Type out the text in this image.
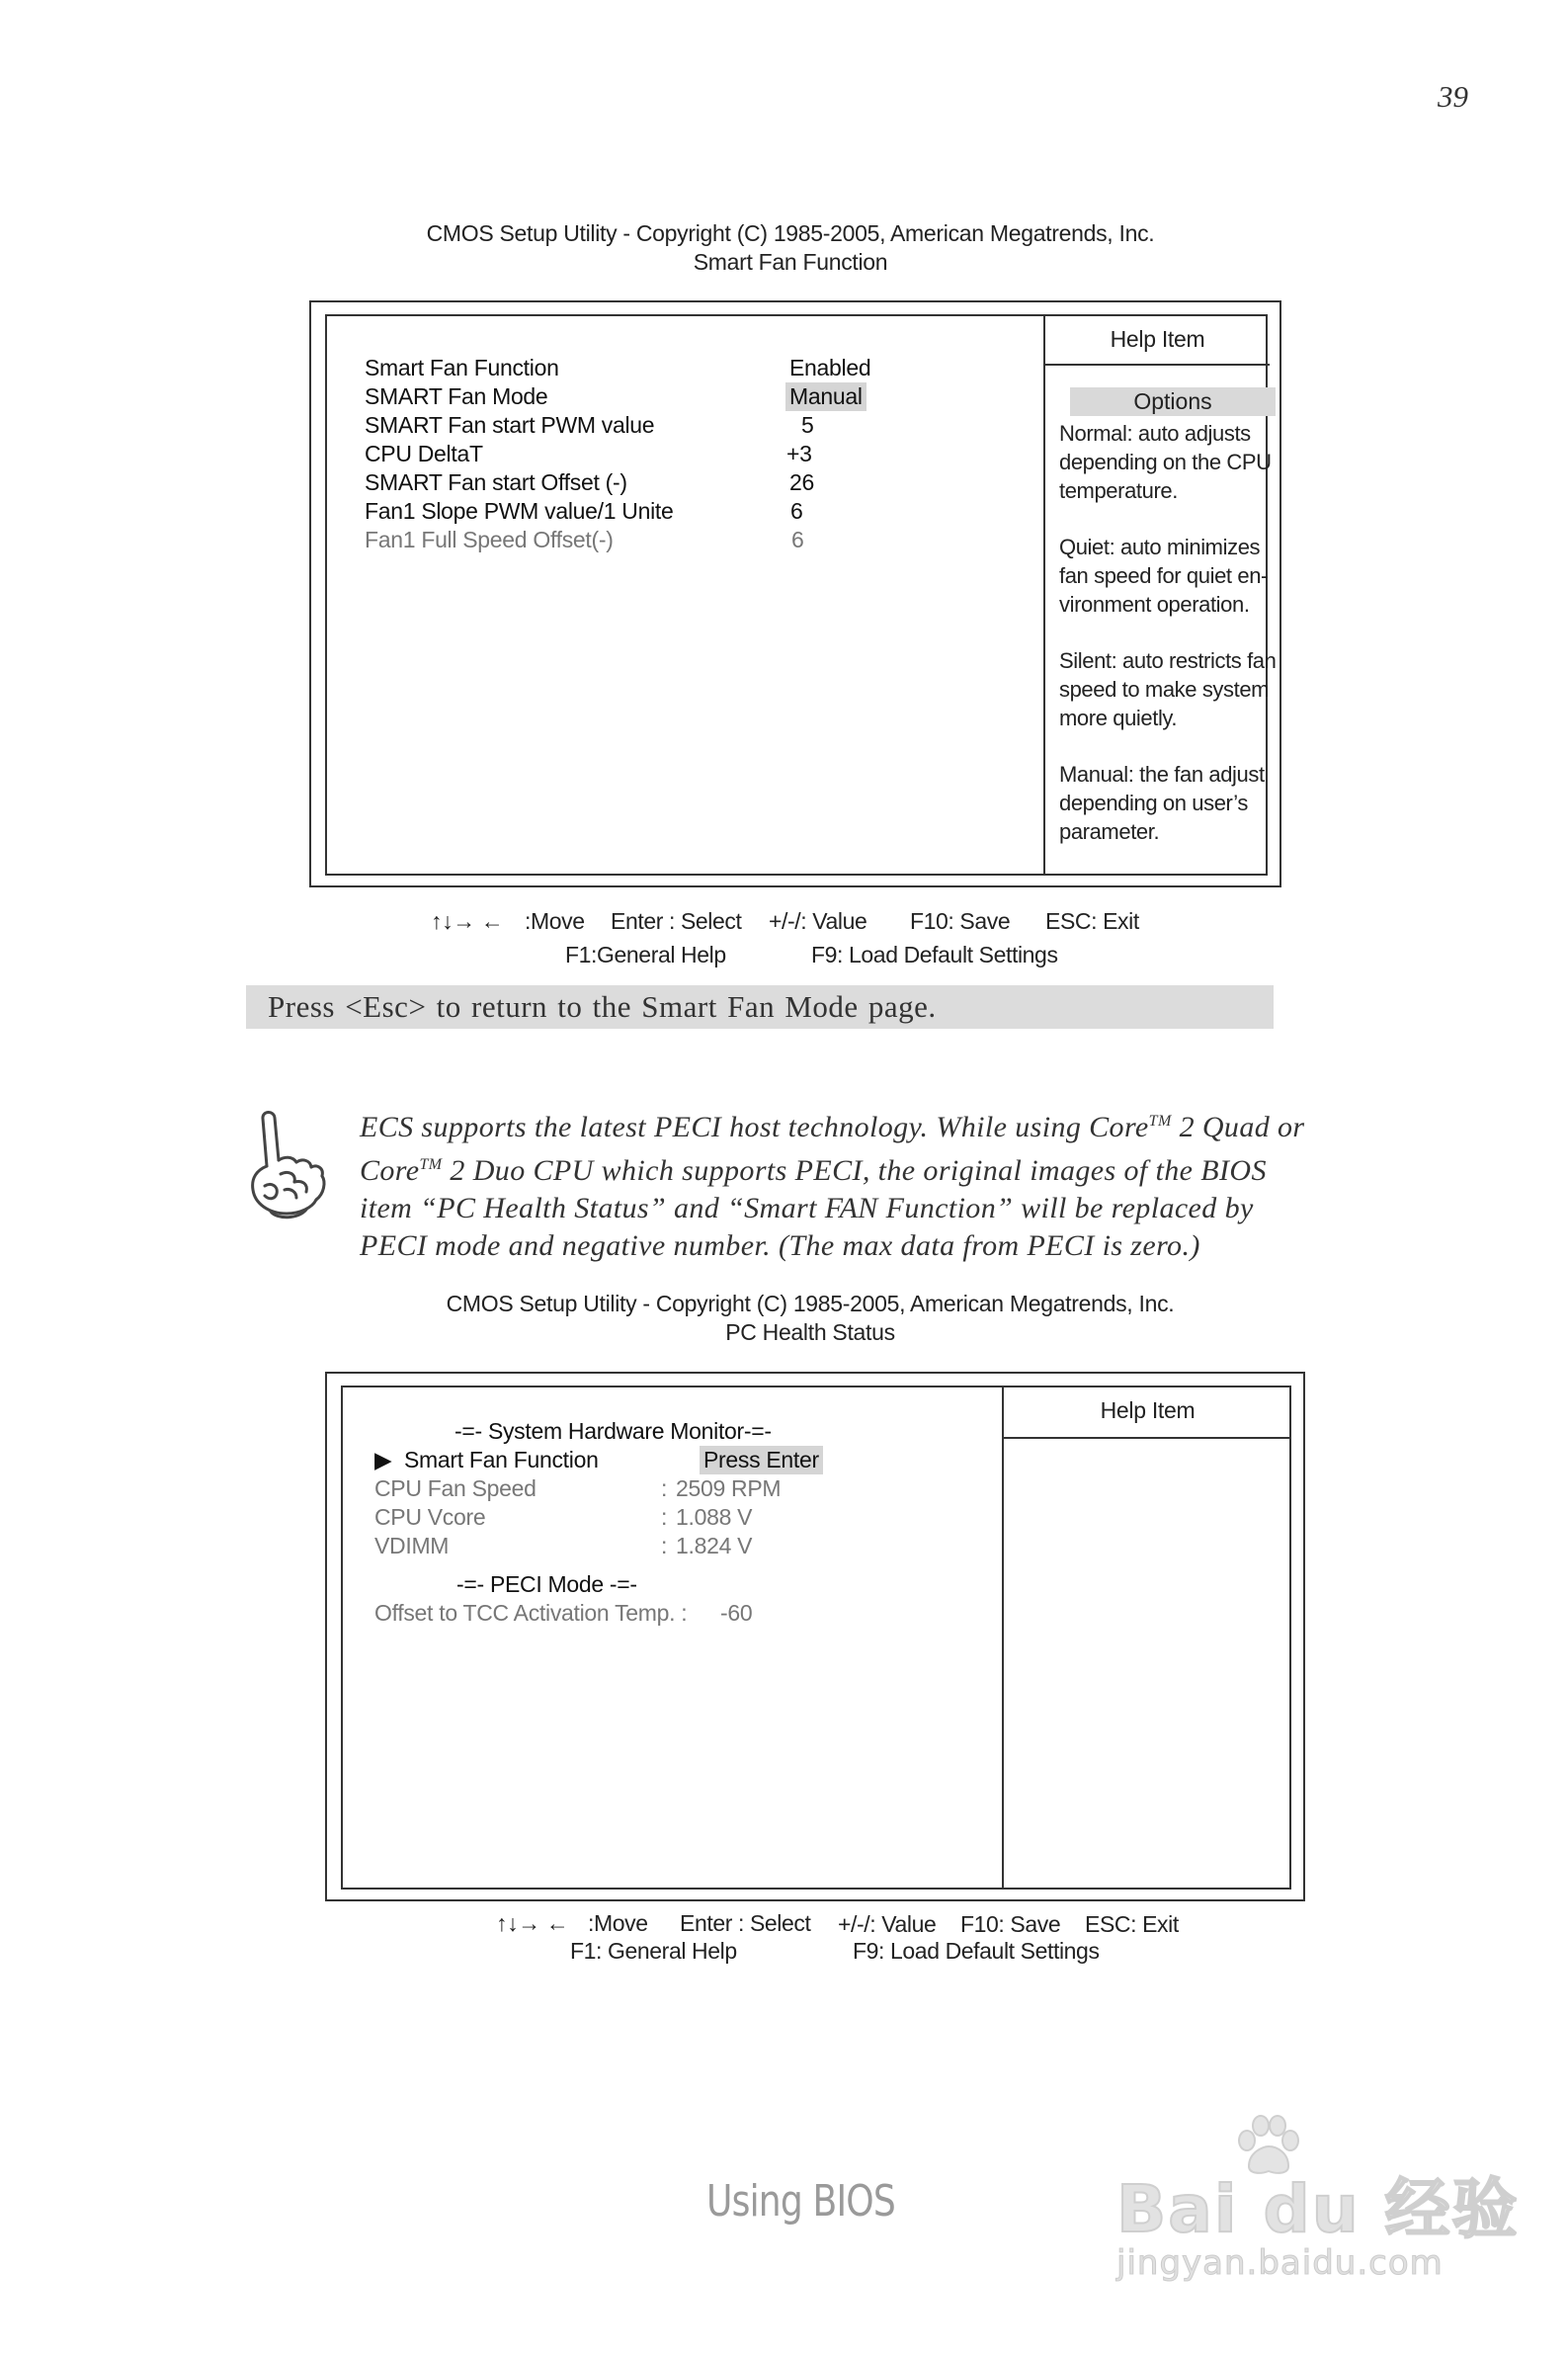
39
CMOS Setup Utility - Copyright (C) 1985-2005, American Megatrends, Inc.
Smart Fan Function
Smart Fan Function	Enabled
SMART Fan Mode	Manual
SMART Fan start PWM value	5
CPU DeltaT	+3
SMART Fan start Offset (-)	26
Fan1 Slope PWM value/1 Unite	6
Fan1 Full Speed Offset(-)	6
Help Item
Options
Normal: auto adjusts depending on the CPU temperature.
Quiet: auto minimizes fan speed for quiet en-vironment operation.
Silent: auto restricts fan speed to make system more quietly.
Manual: the fan adjust depending on user’s parameter.
↑↓→ ← :Move Enter : Select +/-/: Value F10: Save ESC: Exit
F1:General Help	F9: Load Default Settings
Press <Esc> to return to the Smart Fan Mode page.
ECS supports the latest PECI host technology. While using Core™ 2 Quad or
Core™ 2 Duo CPU which supports PECI, the original images of the BIOS
item “PC Health Status” and “Smart FAN Function” will be replaced by
PECI mode and negative number. (The max data from PECI is zero.)
CMOS Setup Utility - Copyright (C) 1985-2005, American Megatrends, Inc.
PC Health Status
-=- System Hardware Monitor-=-
▶ Smart Fan Function	Press Enter
CPU Fan Speed	: 2509 RPM
CPU Vcore	: 1.088 V
VDIMM	: 1.824 V
-=- PECI Mode -=-
Offset to TCC Activation Temp. : -60
Help Item
↑↓→ ← :Move Enter : Select +/-/: Value F10: Save ESC: Exit
F1: General Help	F9: Load Default Settings
Using BIOS	Bai du 经验
jingyan.baidu.com
